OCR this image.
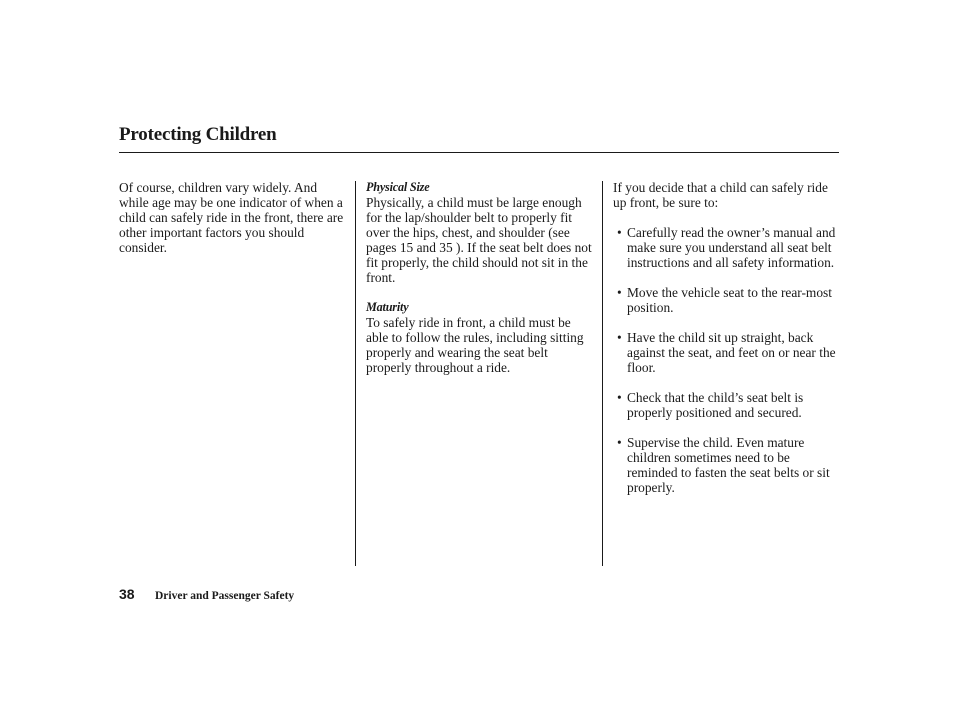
Protecting Children

Of course, children vary widely. And while age may be one indicator of when a child can safely ride in the front, there are other important factors you should consider.

Physical Size

Physically, a child must be large enough for the lap/shoulder belt to properly fit over the hips, chest, and shoulder (see pages 15 and 35 ). If the seat belt does not fit properly, the child should not sit in the front.

Maturity

To safely ride in front, a child must be able to follow the rules, including sitting properly and wearing the seat belt properly throughout a ride.

If you decide that a child can safely ride up front, be sure to:

• Carefully read the owner’s manual and make sure you understand all seat belt instructions and all safety information.
• Move the vehicle seat to the rear-most position.
• Have the child sit up straight, back against the seat, and feet on or near the floor.
• Check that the child’s seat belt is properly positioned and secured.
• Supervise the child. Even mature children sometimes need to be reminded to fasten the seat belts or sit properly.
38 Driver and Passenger Safety
